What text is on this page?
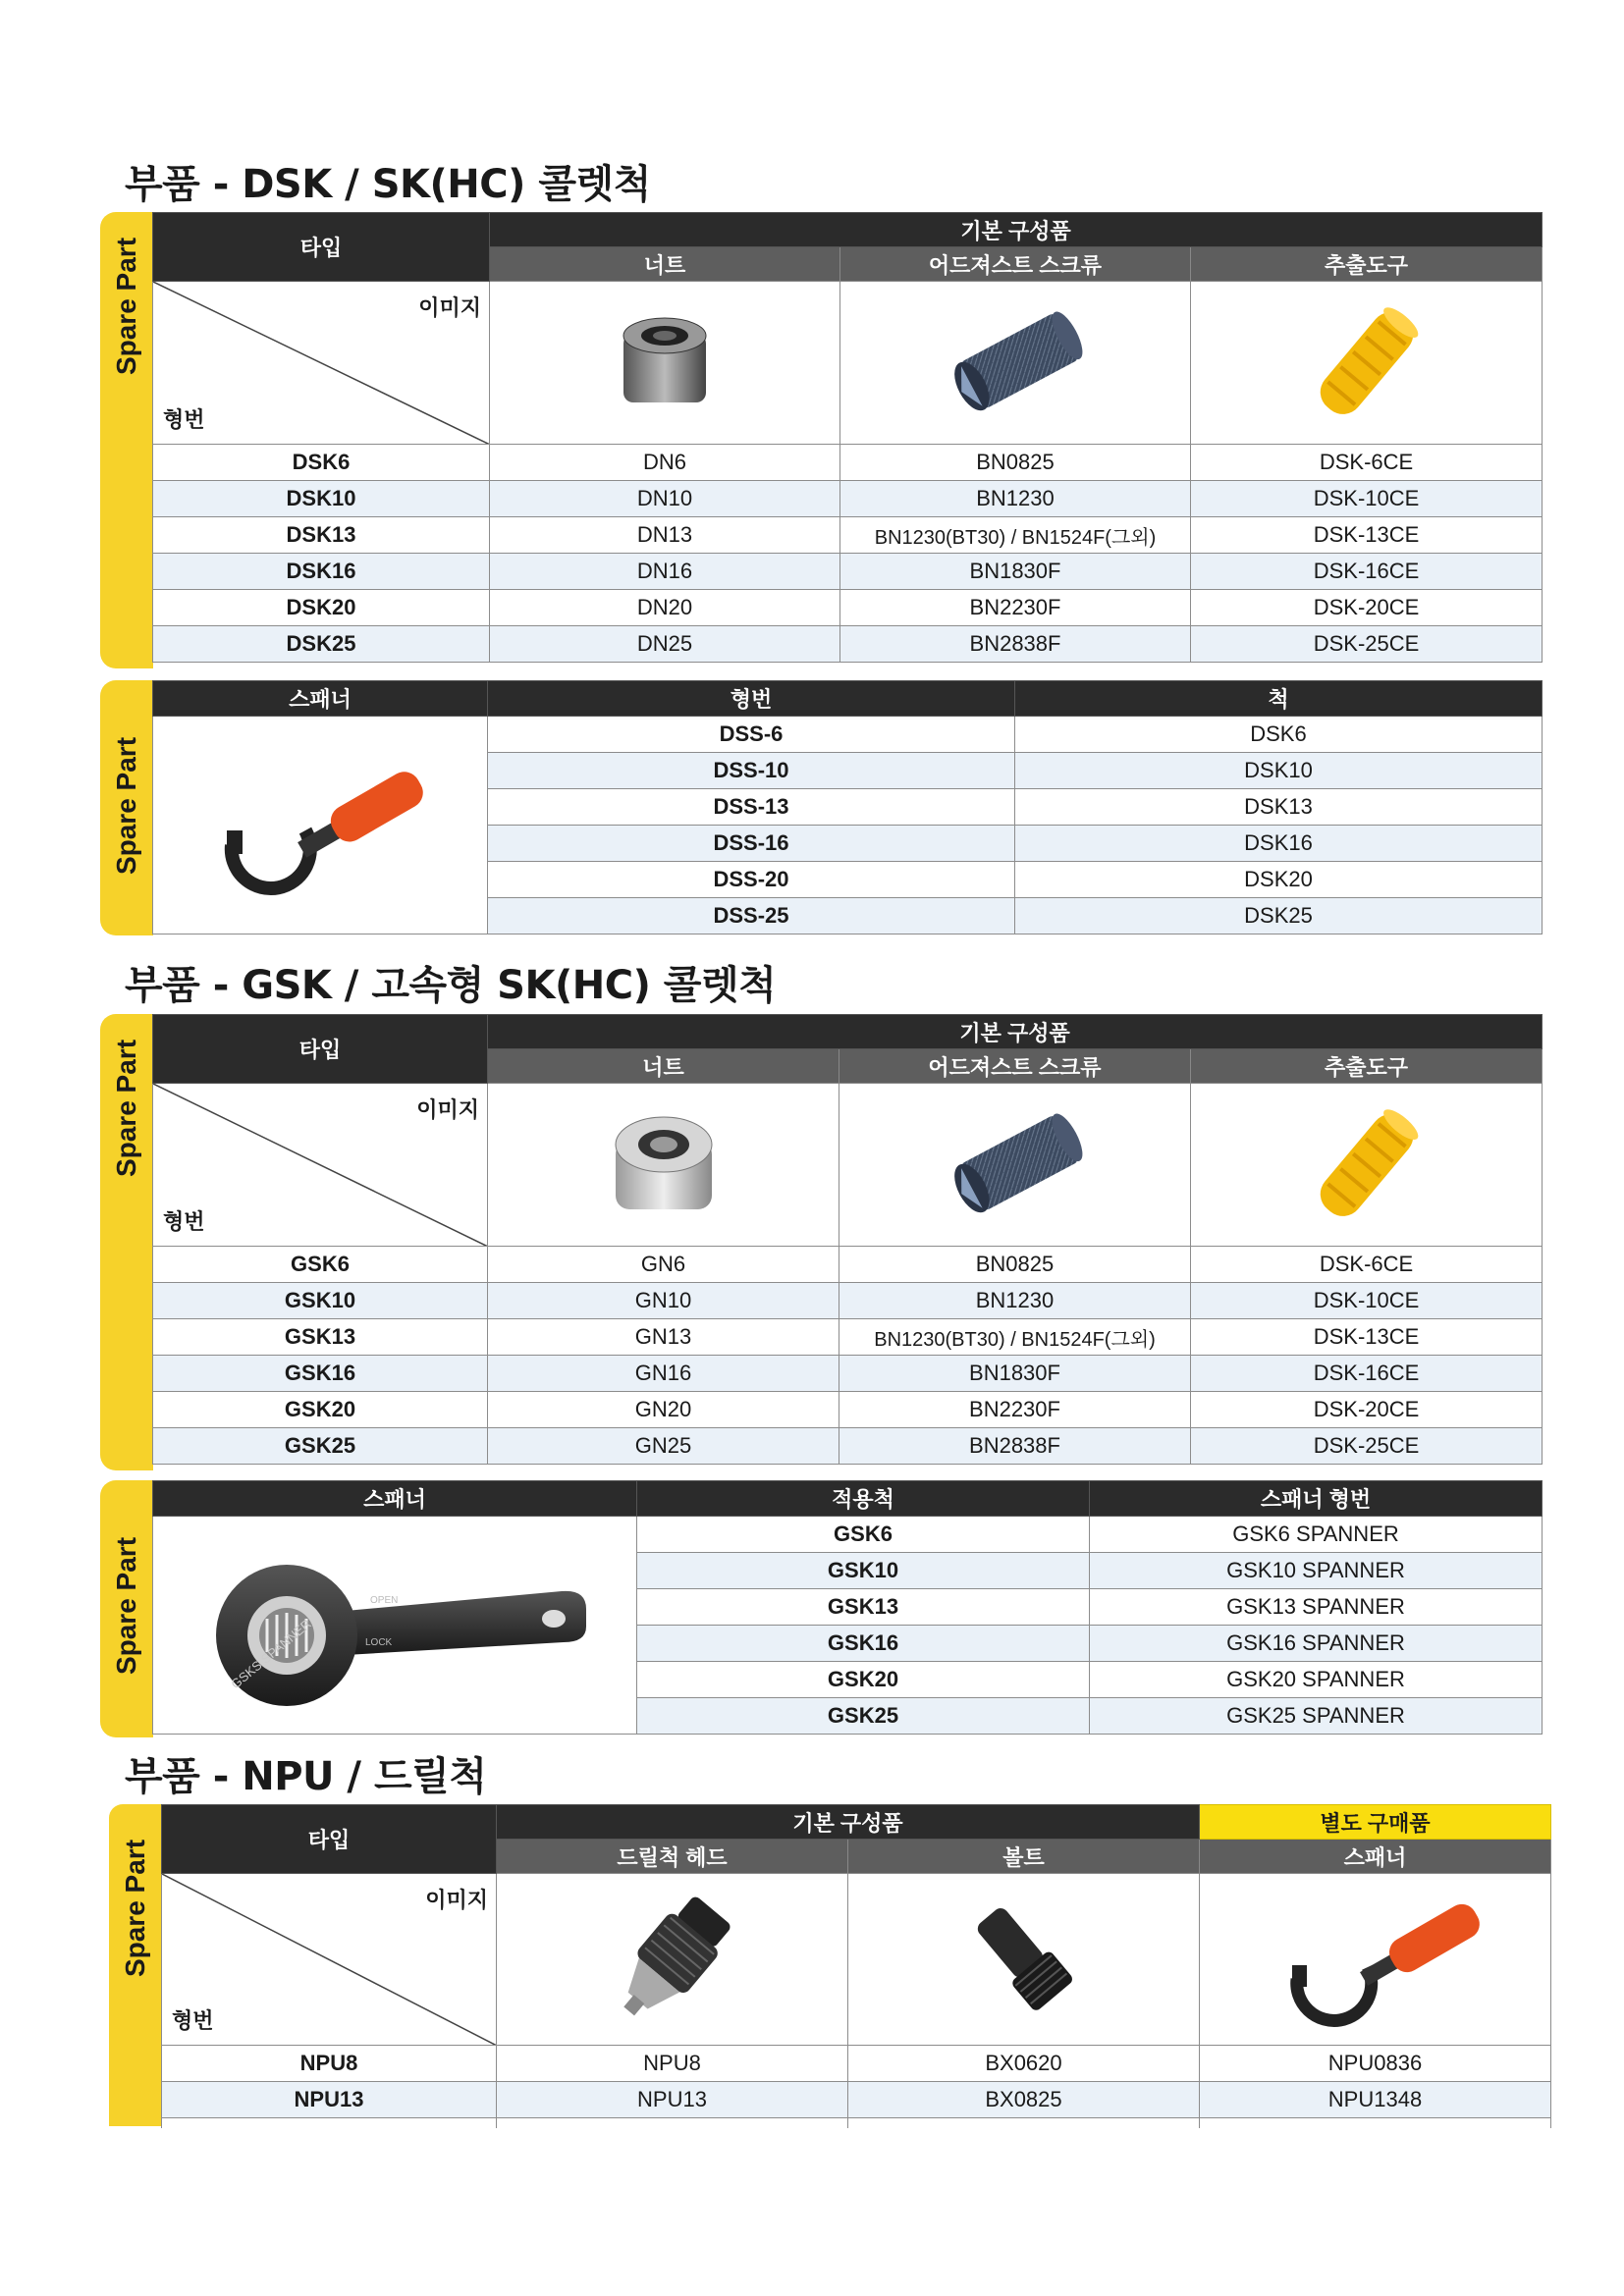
부품 - DSK / SK(HC) 콜렛척
Spare Part	타입	기본 구성품		
	너트	어드져스트 스크류	추출도구

이미지
형번

DSK6	DN6	BN0825	DSK-6CE
DSK10	DN10	BN1230	DSK-10CE
DSK13	DN13	BN1230(BT30) / BN1524F(그외)	DSK-13CE
DSK16	DN16	BN1830F	DSK-16CE
DSK20	DN20	BN2230F	DSK-20CE
DSK25	DN25	BN2838F	DSK-25CE
Spare Part
스패너	형번	척

	DSS-6	DSK6
	DSS-10	DSK10
	DSS-13	DSK13
	DSS-16	DSK16
	DSS-20	DSK20
	DSS-25	DSK25
부품 - GSK / 고속형 SK(HC) 콜렛척
Spare Part	타입	기본 구성품		
	너트	어드져스트 스크류	추출도구

이미지
형번

GSK6	GN6	BN0825	DSK-6CE
GSK10	GN10	BN1230	DSK-10CE
GSK13	GN13	BN1230(BT30) / BN1524F(그외)	DSK-13CE
GSK16	GN16	BN1830F	DSK-16CE
GSK20	GN20	BN2230F	DSK-20CE
GSK25	GN25	BN2838F	DSK-25CE
Spare Part
스패너	적용척	스패너 형번

GSKS SPANNER LOCK
OPEN	GSK6	GSK6 SPANNER
	GSK10	GSK10 SPANNER
	GSK13	GSK13 SPANNER
	GSK16	GSK16 SPANNER
	GSK20	GSK20 SPANNER
	GSK25	GSK25 SPANNER
부품 - NPU / 드릴척
Spare Part	타입	기본 구성품		별도 구매품
	드릴척 헤드	볼트	스패너

이미지
형번

NPU8	NPU8	BX0620	NPU0836
NPU13	NPU13	BX0825	NPU1348
